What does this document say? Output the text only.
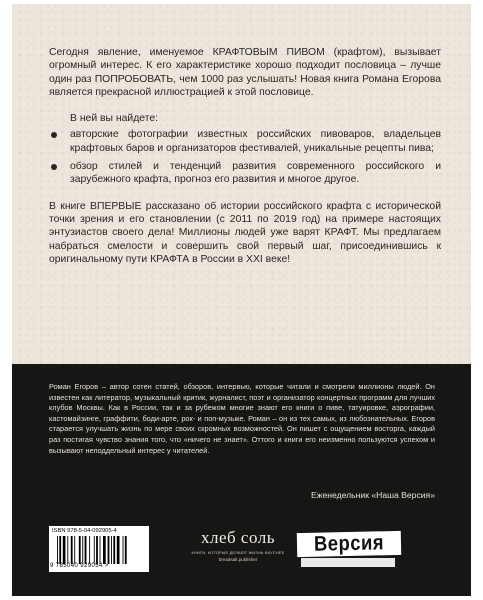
Сегодня явление, именуемое КРАФТОВЫМ ПИВОМ (крафтом), вызывает огромный интерес. К его характеристике хорошо подходит пословица – лучше один раз ПОПРОБОВАТЬ, чем 1000 раз услышать! Новая книга Романа Егорова является прекрасной иллюстрацией к этой пословице.

В ней вы найдете:

авторские фотографии известных российских пивоваров, владельцев крафтовых баров и организаторов фестивалей, уникальные рецепты пива;
обзор стилей и тенденций развития современного российского и зарубежного крафта, прогноз его развития и многое другое.

В книге ВПЕРВЫЕ рассказано об истории российского крафта с исторической точки зрения и его становлении (с 2011 по 2019 год) на примере настоящих энтузиастов своего дела! Миллионы людей уже варят КРАФТ. Мы предлагаем набраться смелости и совершить свой первый шаг, присоединившись к оригинальному пути КРАФТА в России в XXI веке!

Роман Егоров – автор сотен статей, обзоров, интервью, которые читали и смотрели миллионы людей. Он известен как литератор, музыкальный критик, журналист, поэт и организатор концертных программ для лучших клубов Москвы. Как в России, так и за рубежом многие знают его книги о пиве, татуировке, аэрографии, кастомайзинге, граффити, боди-арте, рок- и поп-музыке. Роман – он из тех самых, из любознательных. Егоров старается улучшать жизнь по мере своих скромных возможностей. Он пишет с ощущением восторга, каждый раз постигая чувство знания того, что «ничего не знает». Оттого и книги его неизменно пользуются успехом и вызывают неподдельный интерес у читателей.

Еженедельник «Наша Версия»

ISBN 978-5-04-092905-4
9 785040 929054 >
хлеб соль
КНИГИ, КОТОРЫЕ ДЕЛАЮТ ЖИЗНЬ ВКУСНЕЕ
breadsalt.publisher
Версия
